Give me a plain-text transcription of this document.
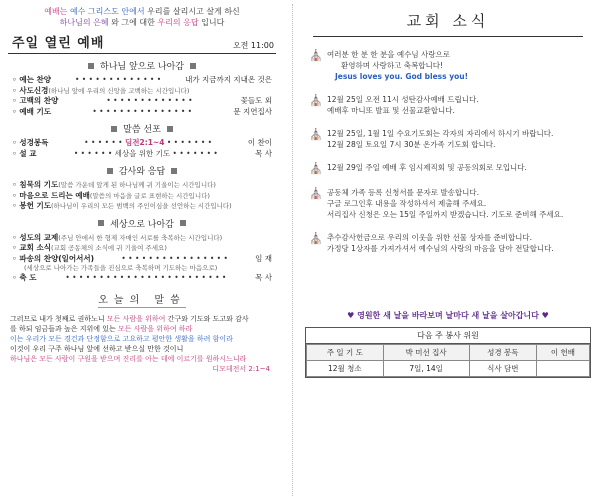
예배는 예수 그리스도 안에서 우리를 살리시고 살게 하신
하나님의 은혜 와 그에 대한 우리의 응답 입니다
주일 열린 예배	오전 11:00
하나님 앞으로 나아감
◦ 예는 찬양	• • • • • • • • • • • • •	내가 지금까지 지내온 것은
◦ 사도신경(하나님 앞에 우리의 신앙을 고백하는 시간입니다)
◦ 고백의 찬양	• • • • • • • • • • • • •	꽃들도 외
◦ 예배 기도	• • • • • • • • • • • • • • •	문 지연집사
말씀 선포
◦ 성경봉독	• • • • • • 딤전2:1~4 • • • • • • •	이 찬이
◦ 설 교	• • • • • • 세상을 위한 기도 • • • • • • •	목 사
감사와 응답
◦ 침묵의 기도(말씀 가운데 앞게 된 하나님께 귀 기울이는 시간입니다)
◦ 마음으로 드리는 예배(말씀의 마음을 글로 표현하는 시간입니다)
◦ 봉헌 기도(하나님이 우리의 모든 범백의 주인이심을 선언하는 시간입니다)
세상으로 나아감
◦ 성도의 교제(주님 안에서 한 형제 자매인 서로를 축복하는 시간입니다)
◦ 교회 소식(교회 공동체의 소식에 귀 기울여 주세요)
◦ 파송의 찬양(일어서서)	• • • • • • • • • • • • • • • •	임 재
(세상으로 나아가는 가족들을 진심으로 축복하며 기도하는 마음으로)
◦ 축 도	• • • • • • • • • • • • • • • • • • • • • • • •	목 사
오늘의 말씀
그러므로 내가 첫째로 권하노니 모든 사람을 위하여 간구와 기도와 도고와 감사
를 하되 임금들과 높은 지위에 있는 모든 사람을 위하여 하라
이는 우리가 모든 경건과 단정함으로 고요하고 평안한 생활을 하려 함이라
이것이 우리 구주 하나님 앞에 선하고 받으실 만한 것이니
하나님은 모든 사람이 구원을 받으며 진리를 아는 데에 이르기를 원하시느니라
디모데전서 2:1~4
교회 소식
⛪ 여러분 한 분 한 분을 예수님 사랑으로
환영하며 사랑하고 축복합니다!
Jesus loves you. God bless you!
⛪ 12월 25일 오전 11시 성탄감사예배 드립니다.
예배후 마니또 발표 및 선물교환합니다.
⛪ 12월 25일, 1월 1일 수요기도회는 각자의 자리에서 하시기 바랍니다.
12월 28일 토요일 7시 30분 온가족 기도회 합니다.
⛪ 12월 29일 주일 예배 후 임시제직회 및 공동의회로 모입니다.
⛪ 공동체 가족 등록 신청서를 문자로 발송합니다.
구글 로그인후 내용을 작성하셔서 제출해 주세요.
서리집사 신청은 오는 15일 주일까지 받겠습니다. 기도로 준비해 주세요.
⛪ 추수감사헌금으로 우리의 이웃을 위한 선물 상자를 준비합니다.
가정당 1상자를 가져가셔서 예수님의 사랑의 마음을 담아 전달합니다.
♥ 영원한 새 날을 바라보며 날마다 새 날을 살아갑니다 ♥
다음 주 봉사 위원
주 일 기 도	박 미선 집사	성경 봉독	이 헌배
12월 청소	7일, 14일	식사 담번	
